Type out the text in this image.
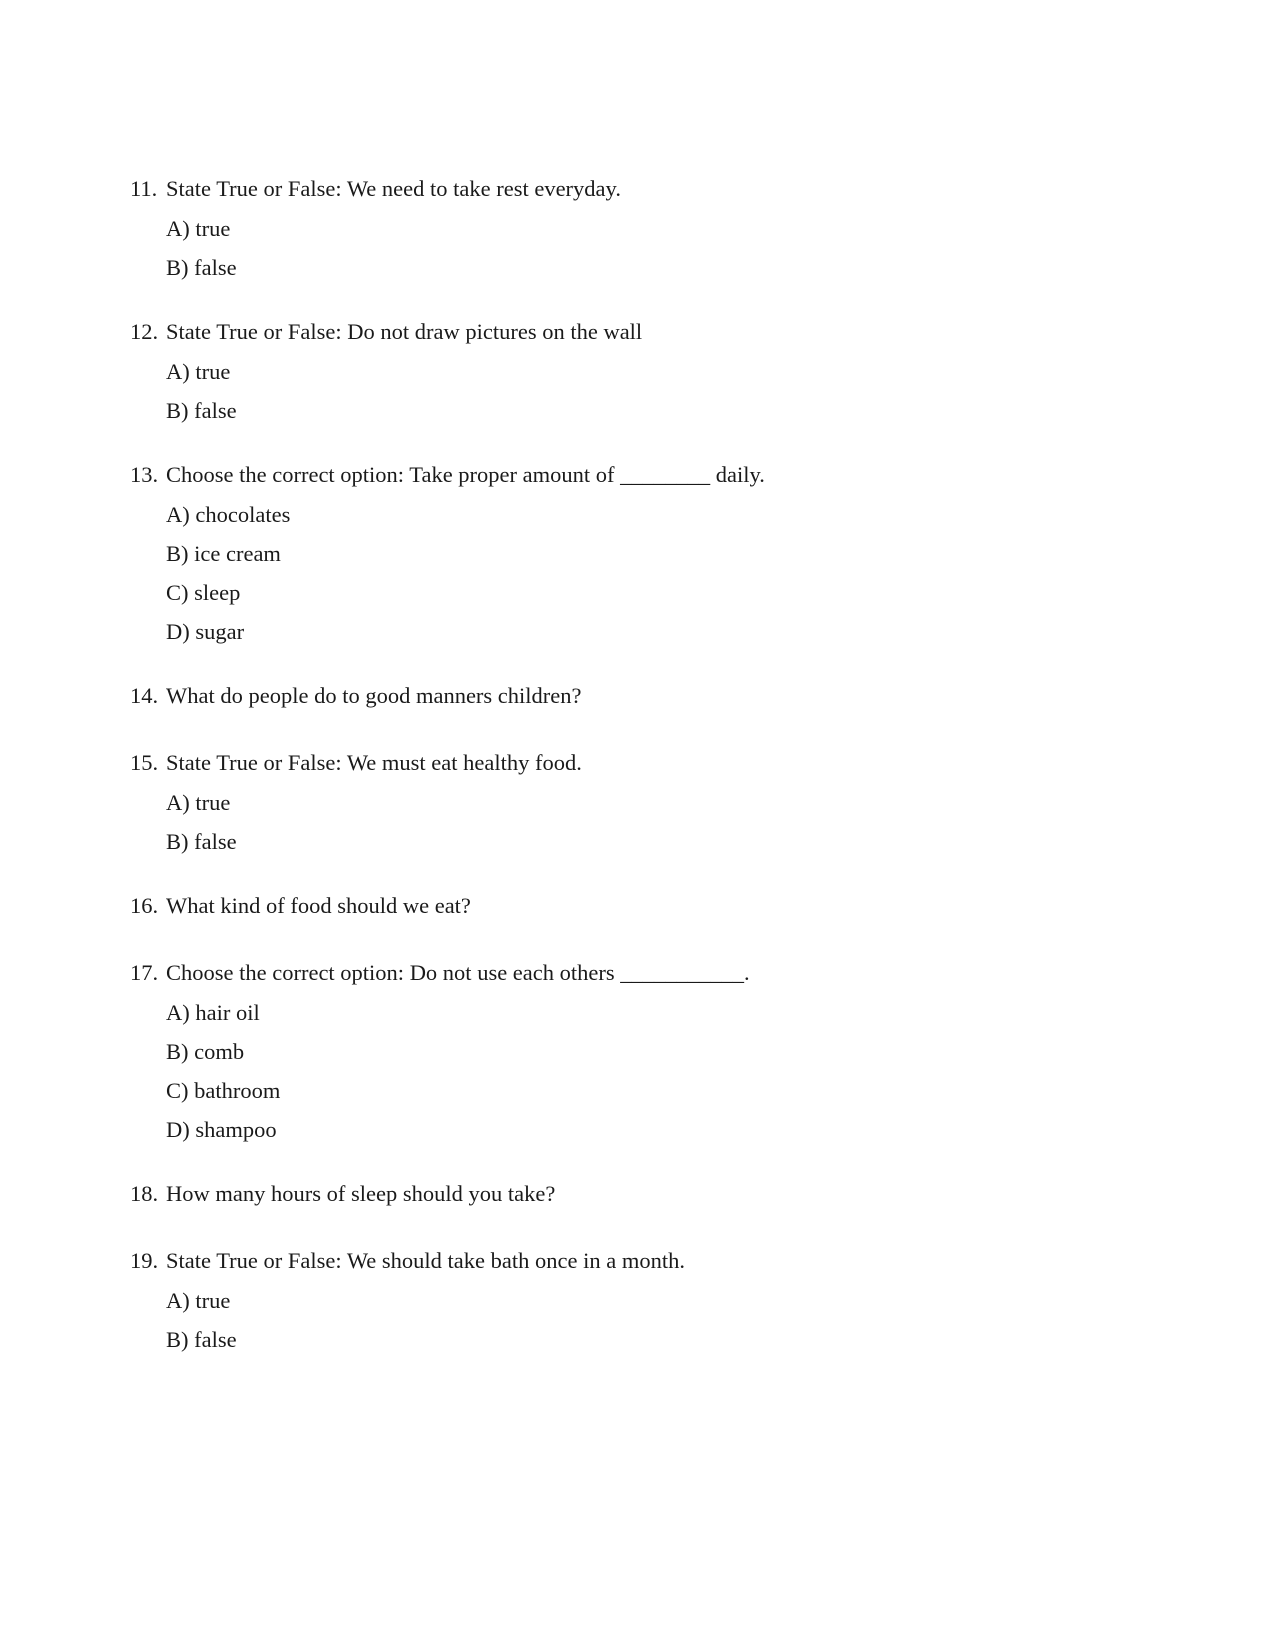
11. State True or False: We need to take rest everyday.
A) true
B) false
12. State True or False: Do not draw pictures on the wall
A) true
B) false
13. Choose the correct option: Take proper amount of ________ daily.
A) chocolates
B) ice cream
C) sleep
D) sugar
14. What do people do to good manners children?
15. State True or False: We must eat healthy food.
A) true
B) false
16. What kind of food should we eat?
17. Choose the correct option: Do not use each others ___________.
A) hair oil
B) comb
C) bathroom
D) shampoo
18. How many hours of sleep should you take?
19. State True or False: We should take bath once in a month.
A) true
B) false
